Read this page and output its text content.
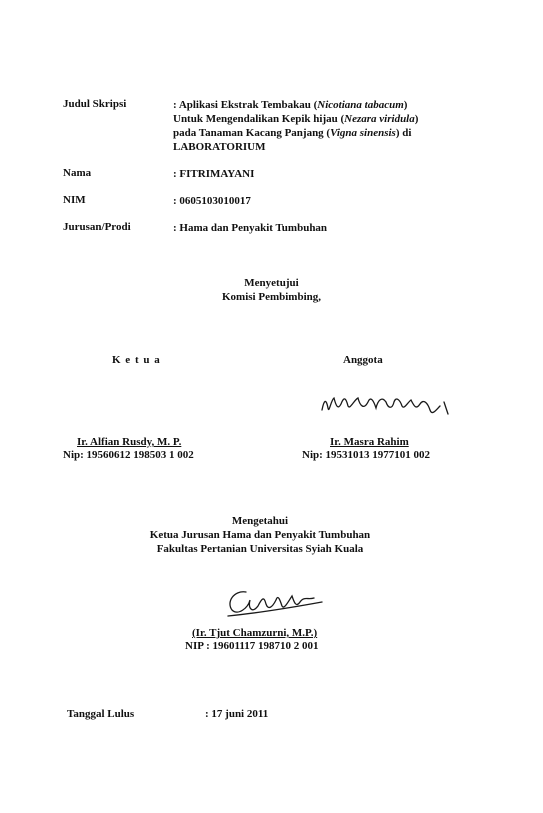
Judul Skripsi	: Aplikasi Ekstrak Tembakau (Nicotiana tabacum)
Untuk Mengendalikan Kepik hijau (Nezara viridula)
pada Tanaman Kacang Panjang (Vigna sinensis) di
LABORATORIUM
Nama	: FITRIMAYANI
NIM	: 0605103010017
Jurusan/Prodi	: Hama dan Penyakit Tumbuhan
Menyetujui
Komisi Pembimbing,
K e t u a	Anggota
Ir. Alfian Rusdy, M. P.
Nip: 19560612 198503 1 002
Ir. Masra Rahim
Nip: 19531013 1977101 002
Mengetahui
Ketua Jurusan Hama dan Penyakit Tumbuhan
Fakultas Pertanian Universitas Syiah Kuala
(Ir. Tjut Chamzurni, M.P.)
NIP : 19601117 198710 2 001
Tanggal Lulus	: 17 juni 2011
